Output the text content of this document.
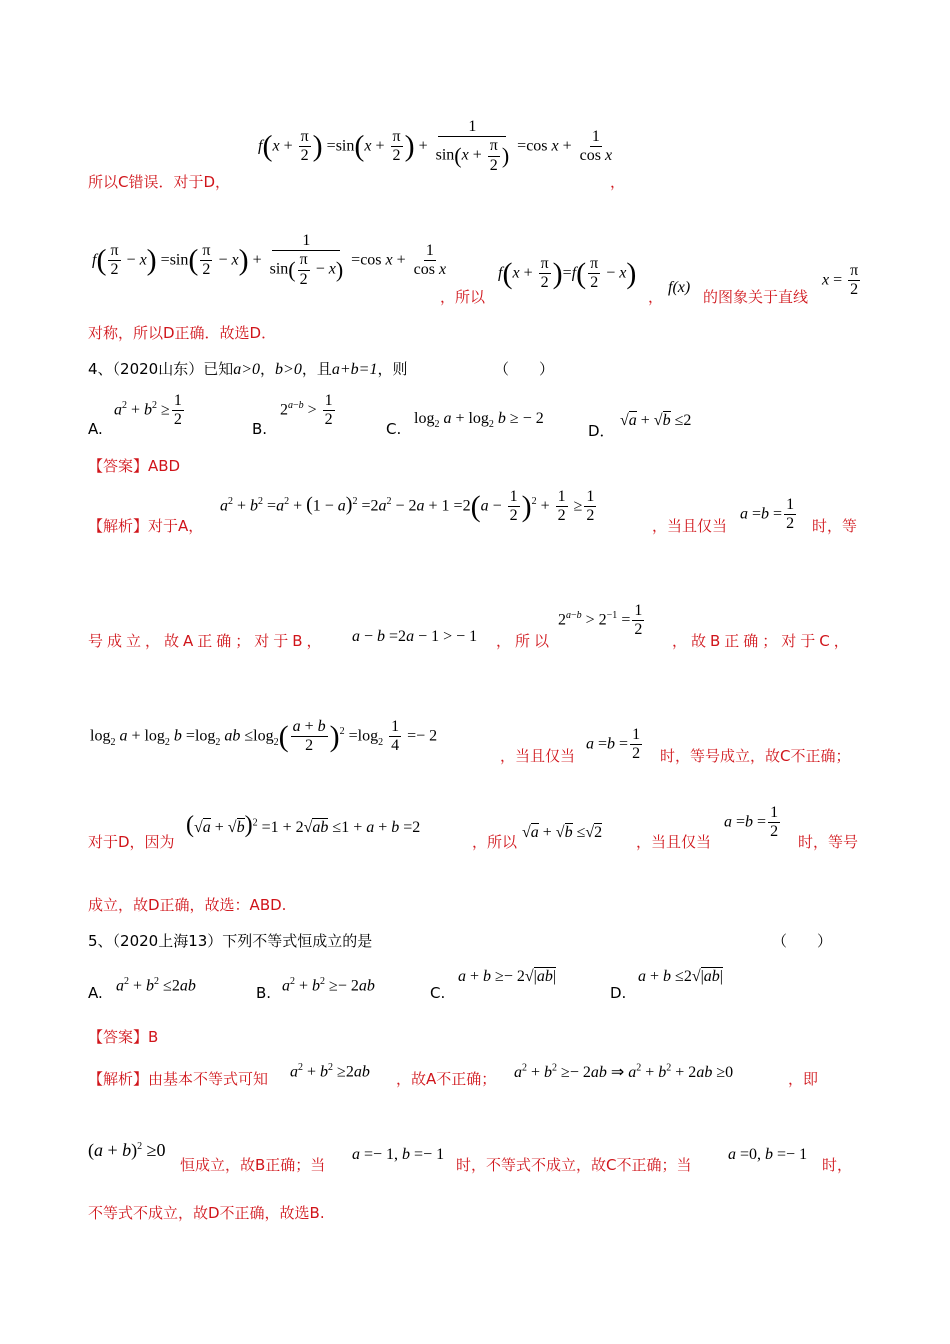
$f(x + \frac{\pi}{2}$ ) $=\sin(x + \frac{\pi}{2}$ ) + $\frac{1}{\sin(x + \frac{\pi}{2} )} =\cos$ $x + \frac{1}{\text{cos x}}$
所以C错误．对于D，	，
$f( \frac{\pi}{2} - x) =\sin( \frac{\pi}{2} - x) + \frac{1}{\sin( \frac{\pi}{2} - x)} =\cos$ $x + \frac{1}{\text{cos x}}$
，所以
$f(x + \frac{\pi}{2} )=f( \frac{\pi}{2} - x)$
，
f(x)
的图象关于直线
$x = \frac{\pi}{2}$
对称，所以D正确．故选D．
4、（2020山东）已知a>0，b>0，且a+b=1，则	（　　）
A.
$a^2 + b^2 \ge \frac{1}{2}$	B.
$2^{a-b} > \frac{1}{2}$	C.
$\log_2 a + \log_2 b$ ≥ − 2
D．
√a + √b ≤2
【答案】ABD
【解析】对于A，
$a^2 + b^2 =a^2 + (1 - a)^2 =2a^2 - 2a + 1 =2(a - \frac{1}{2} )^2 + \frac{1}{2} \ge \frac{1}{2}$
，当且仅当
$a =b = \frac{1}{2}$ 时，等
号成立，故A正确；对于B， a − b =2a − 1 > − 1 ，所以
$2^{a-b} > 2^{-1} = \frac{1}{2}$
，故B正确；对于C，
$\log_2 a + \log_2 b =\log_2$ ab $\le\log_2( \frac{a + b}{2} )^2 =\log_2 \frac{1}{4} =- 2$
，当且仅当
$a =b = \frac{1}{2}$ 时，等号成立，故C不正确；
对于D，因为
$(√a + √b)^2 =1 + 2√ab \le 1 + a + b =2$
，所以
√a + √b ≤√2
，当且仅当
$a =b = \frac{1}{2}$
时，等号
成立，故D正确，故选：ABD.
5、（2020上海13）下列不等式恒成立的是	（　　）
A. $a^2 + b^2 \le 2ab$	B. $a^2 + b^2 \ge- 2ab$	C.
a + b ≥− 2√|ab|
D.
a + b ≤2√|ab|
【答案】B
【解析】由基本不等式可知 $a^2 + b^2 \ge 2ab$ ，故A不正确； $a^2 + b^2 \ge- 2ab$ ⇒ $a^2 + b^2 + 2ab \ge 0$	，即
$(a + b)^2 \ge 0$
恒成立，故B正确；当
a =− 1, b =− 1
时，不等式不成立，故C不正确；当
a =0, b =− 1
时，
不等式不成立，故D不正确，故选B.
